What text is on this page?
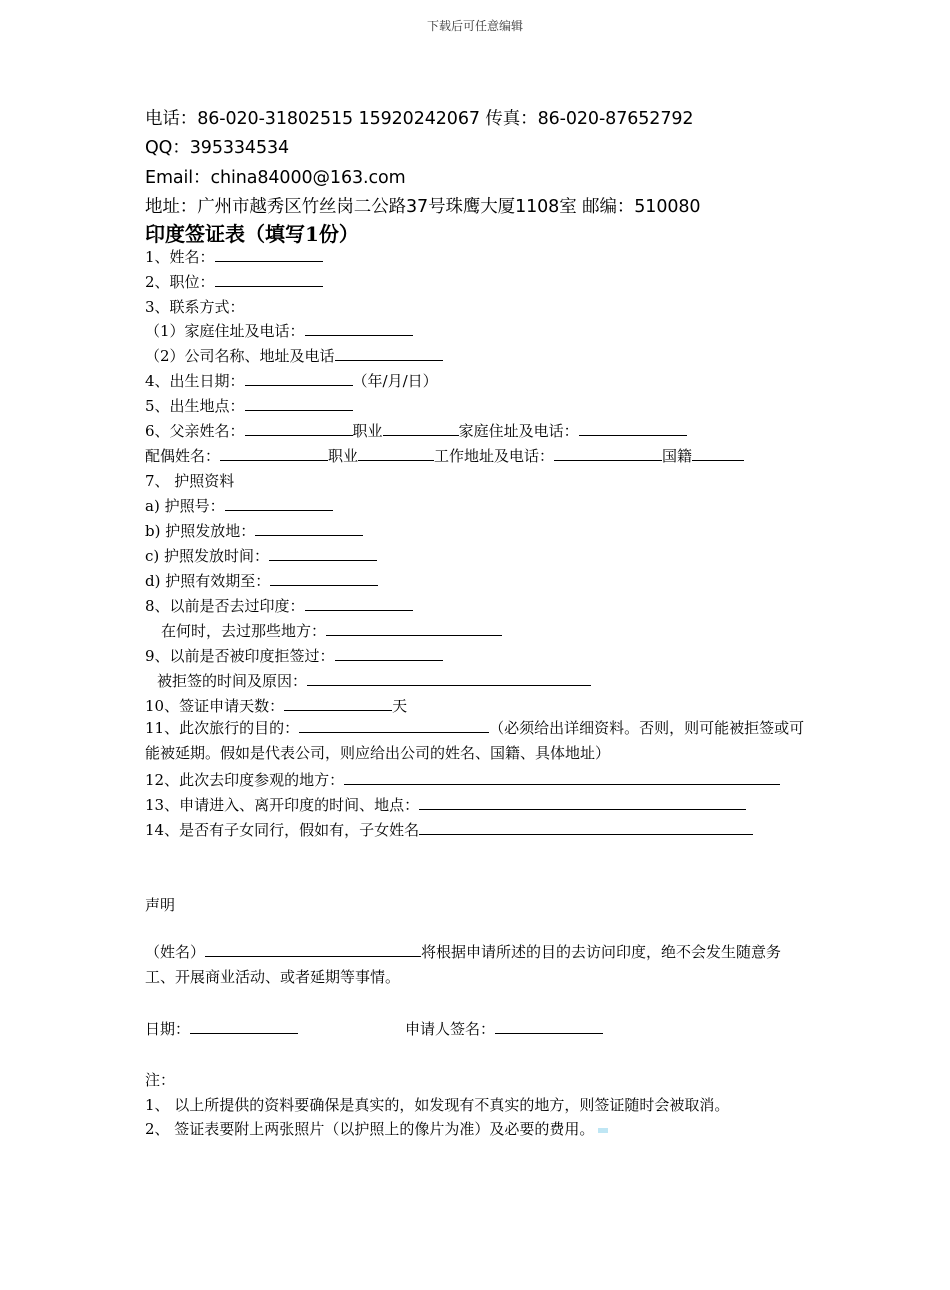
下载后可任意编辑
电话：86-020-31802515 15920242067 传真：86-020-87652792
QQ：395334534
Email：china84000@163.com
地址：广州市越秀区竹丝岗二公路37号珠鹰大厦1108室 邮编：510080
印度签证表（填写1份）
1、姓名：
2、职位：
3、联系方式：
（1）家庭住址及电话：
（2）公司名称、地址及电话
4、出生日期：	（年/月/日）
5、出生地点：
6、父亲姓名：	职业	家庭住址及电话：
配偶姓名：	职业	工作地址及电话：	国籍
7、 护照资料
a) 护照号：
b) 护照发放地：
c) 护照发放时间：
d) 护照有效期至：
8、以前是否去过印度：
在何时，去过那些地方：
9、以前是否被印度拒签过：
被拒签的时间及原因：
10、签证申请天数：	天
11、此次旅行的目的：	（必须给出详细资料。否则，则可能被拒签或可能被延期。假如是代表公司，则应给出公司的姓名、国籍、具体地址）
12、此次去印度参观的地方：
13、申请进入、离开印度的时间、地点：
14、是否有子女同行，假如有，子女姓名
声明
（姓名）	将根据申请所述的目的去访问印度，绝不会发生随意务工、开展商业活动、或者延期等事情。
日期：	申请人签名：
注：
1、 以上所提供的资料要确保是真实的，如发现有不真实的地方，则签证随时会被取消。
2、 签证表要附上两张照片（以护照上的像片为准）及必要的费用。
